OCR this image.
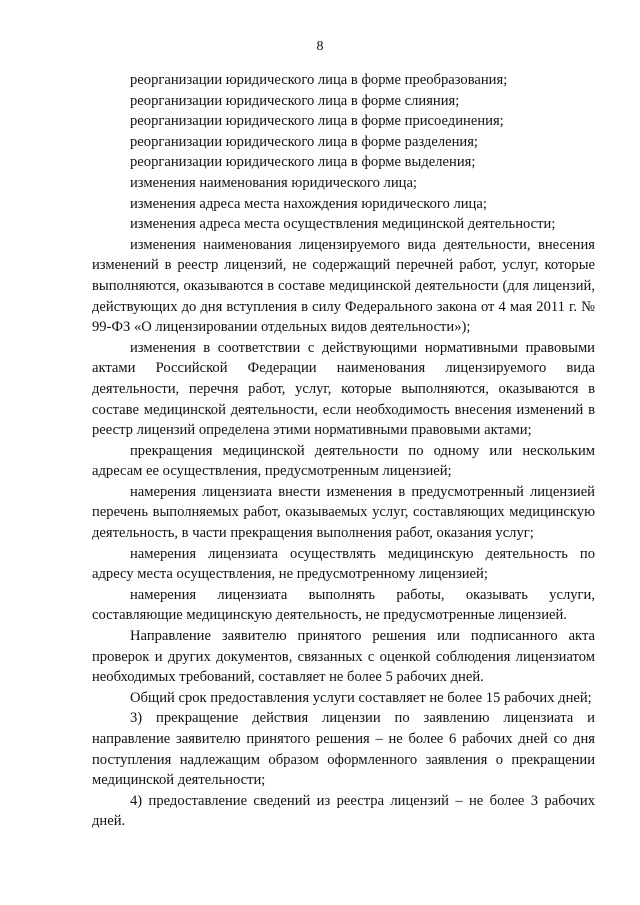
8

реорганизации юридического лица в форме преобразования;

реорганизации юридического лица в форме слияния;

реорганизации юридического лица в форме присоединения;

реорганизации юридического лица в форме разделения;

реорганизации юридического лица в форме выделения;

изменения наименования юридического лица;

изменения адреса места нахождения юридического лица;

изменения адреса места осуществления медицинской деятельности;

изменения наименования лицензируемого вида деятельности, внесения изменений в реестр лицензий, не содержащий перечней работ, услуг, которые выполняются, оказываются в составе медицинской деятельности (для лицензий, действующих до дня вступления в силу Федерального закона от 4 мая 2011 г. № 99-ФЗ «О лицензировании отдельных видов деятельности»);

изменения в соответствии с действующими нормативными правовыми актами Российской Федерации наименования лицензируемого вида деятельности, перечня работ, услуг, которые выполняются, оказываются в составе медицинской деятельности, если необходимость внесения изменений в реестр лицензий определена этими нормативными правовыми актами;

прекращения медицинской деятельности по одному или нескольким адресам ее осуществления, предусмотренным лицензией;

намерения лицензиата внести изменения в предусмотренный лицензией перечень выполняемых работ, оказываемых услуг, составляющих медицинскую деятельность, в части прекращения выполнения работ, оказания услуг;

намерения лицензиата осуществлять медицинскую деятельность по адресу места осуществления, не предусмотренному лицензией;

намерения лицензиата выполнять работы, оказывать услуги, составляющие медицинскую деятельность, не предусмотренные лицензией.

Направление заявителю принятого решения или подписанного акта проверок и других документов, связанных с оценкой соблюдения лицензиатом необходимых требований, составляет не более 5 рабочих дней.

Общий срок предоставления услуги составляет не более 15 рабочих дней;

3) прекращение действия лицензии по заявлению лицензиата и направление заявителю принятого решения – не более 6 рабочих дней со дня поступления надлежащим образом оформленного заявления о прекращении медицинской деятельности;

4) предоставление сведений из реестра лицензий – не более 3 рабочих дней.
